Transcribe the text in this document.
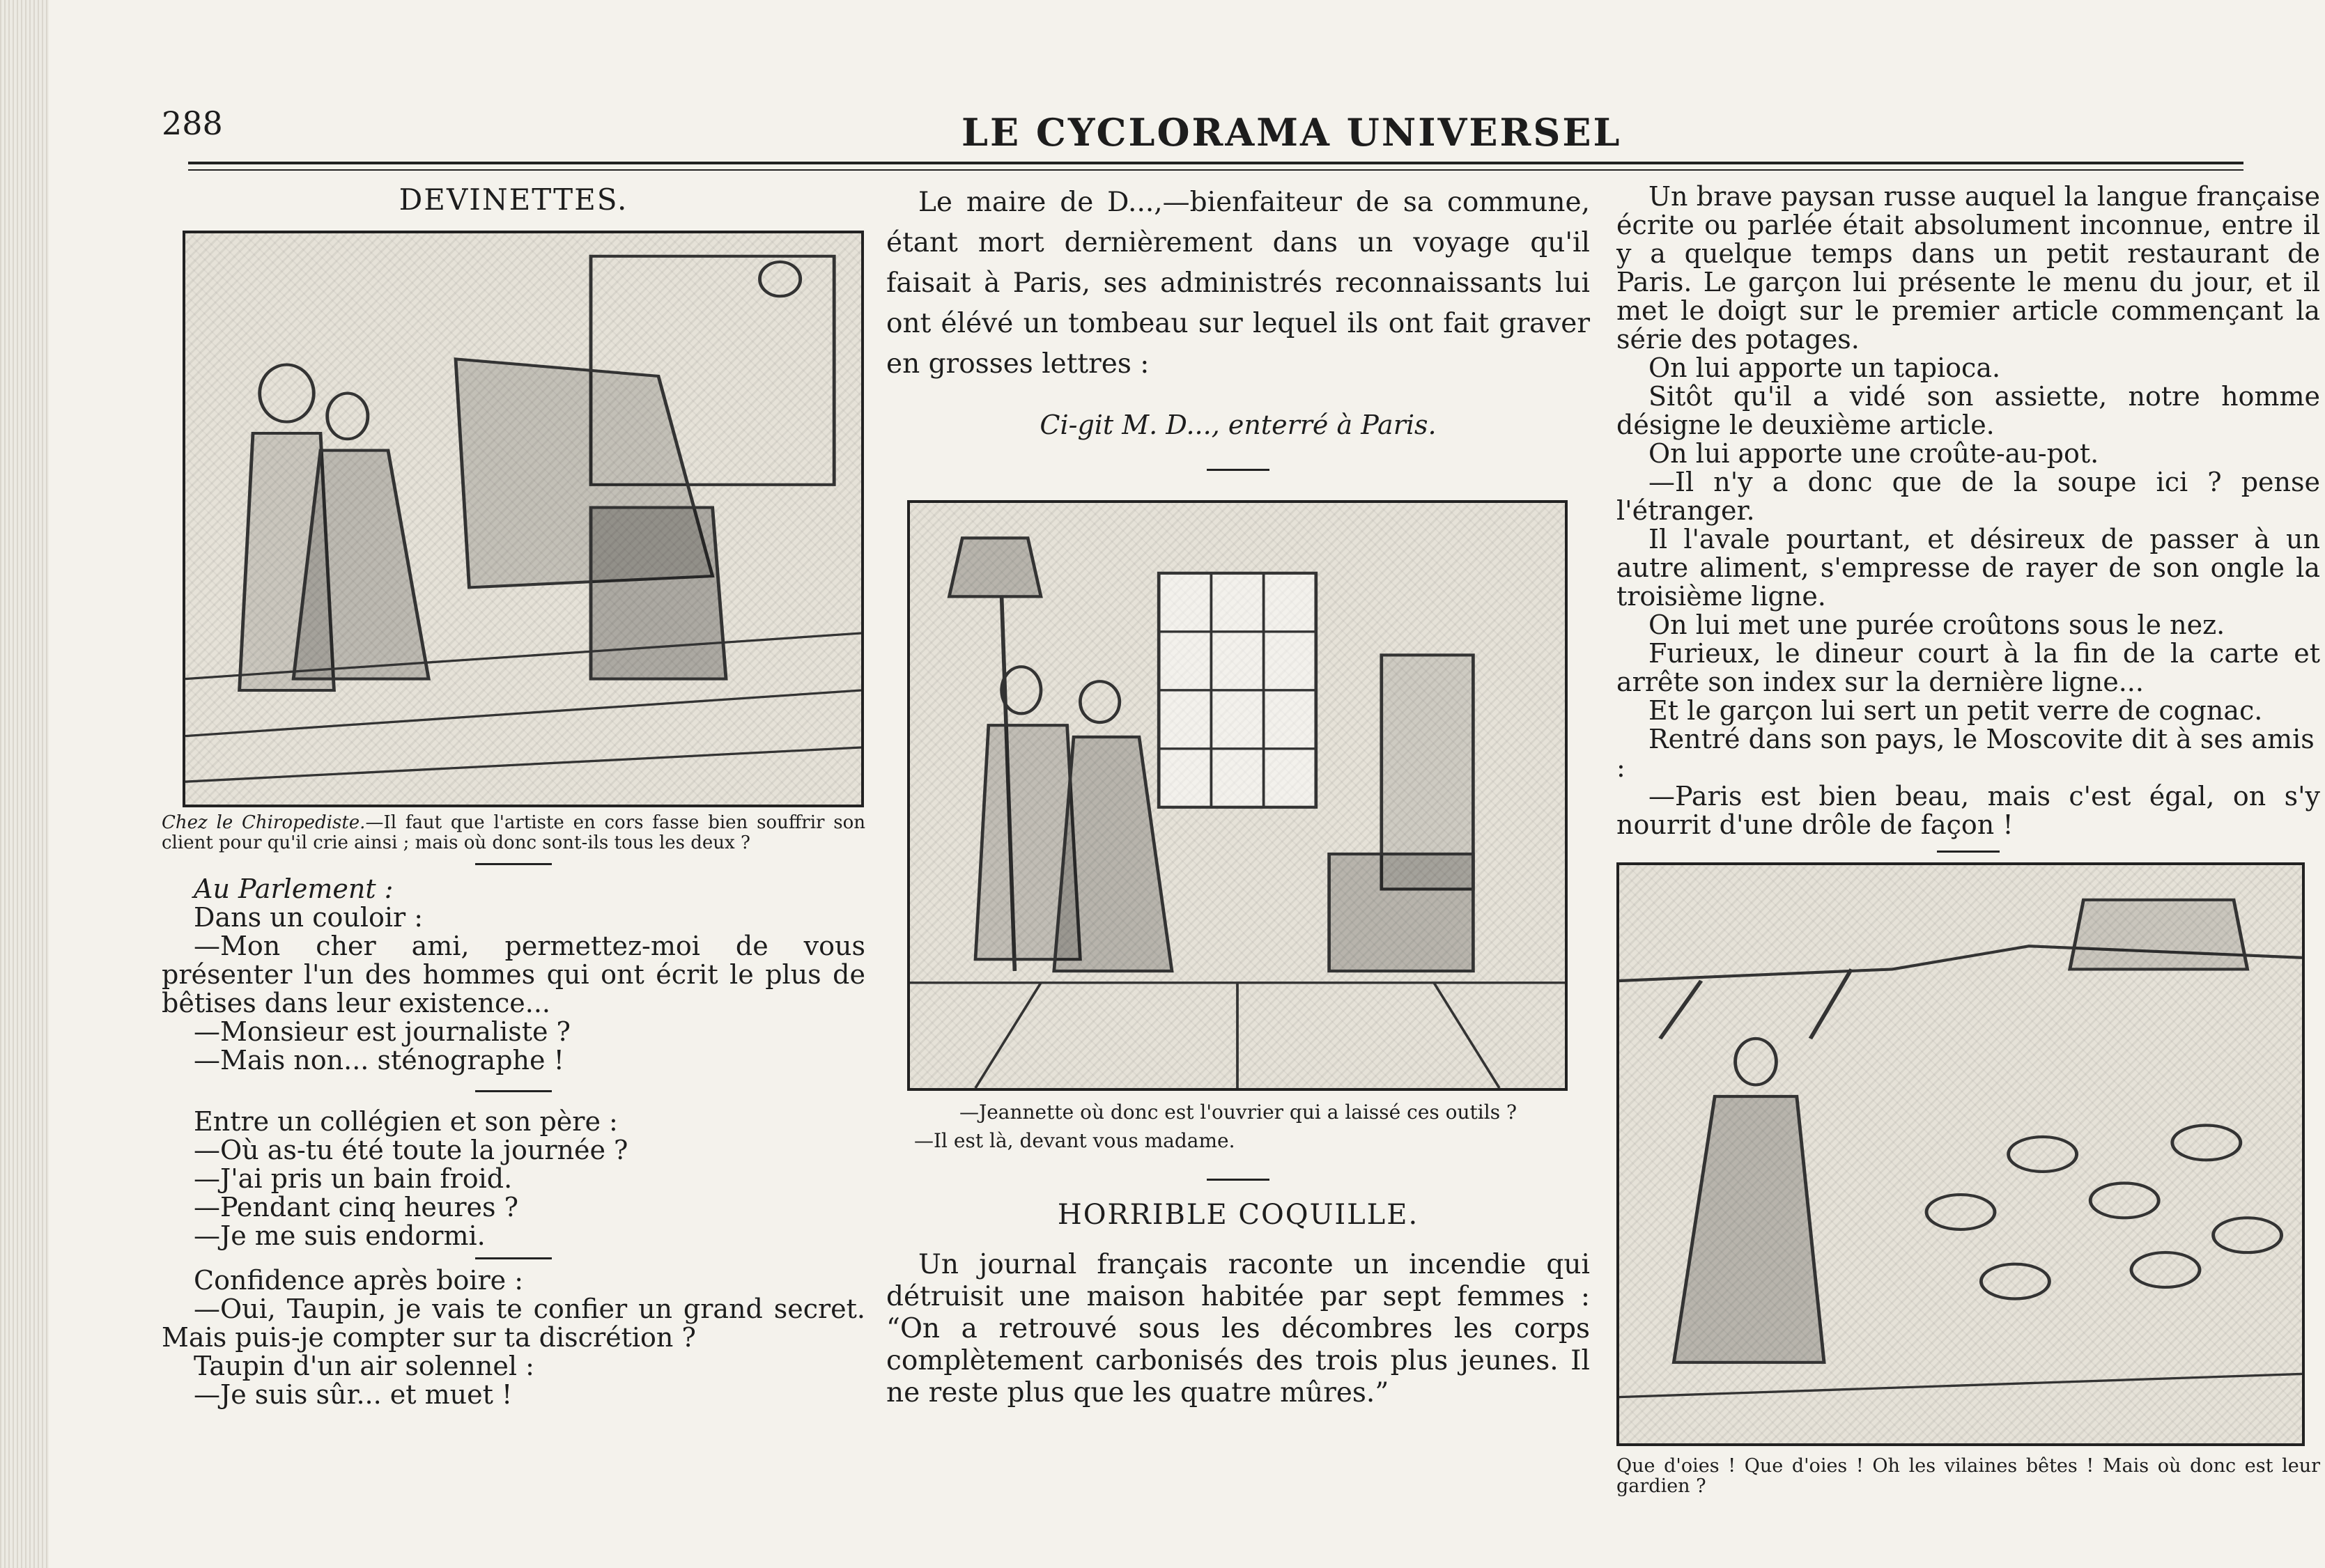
288	LE CYCLORAMA UNIVERSEL
DEVINETTES.

Chez le Chiropediste.—Il faut que l'artiste en cors fasse bien souffrir son client pour qu'il crie ainsi ; mais où donc sont-ils tous les deux ?

Au Parlement :

Dans un couloir :

—Mon cher ami, permettez-moi de vous présenter l'un des hommes qui ont écrit le plus de bêtises dans leur existence...

—Monsieur est journaliste ?

—Mais non... sténographe !

Entre un collégien et son père :

—Où as-tu été toute la journée ?

—J'ai pris un bain froid.

—Pendant cinq heures ?

—Je me suis endormi.

Confidence après boire :

—Oui, Taupin, je vais te confier un grand secret. Mais puis-je compter sur ta discrétion ?

Taupin d'un air solennel :

—Je suis sûr... et muet !

Le maire de D...,—bienfaiteur de sa commune, étant mort dernièrement dans un voyage qu'il faisait à Paris, ses administrés reconnaissants lui ont élévé un tombeau sur lequel ils ont fait graver en grosses lettres :

Ci-git M. D..., enterré à Paris.

—Jeannette où donc est l'ouvrier qui a laissé ces outils ?

—Il est là, devant vous madame.

HORRIBLE COQUILLE.

Un journal français raconte un incendie qui détruisit une maison habitée par sept femmes : “On a retrouvé sous les décombres les corps complètement carbonisés des trois plus jeunes. Il ne reste plus que les quatre mûres.”

Un brave paysan russe auquel la langue française écrite ou parlée était absolument inconnue, entre il y a quelque temps dans un petit restaurant de Paris. Le garçon lui présente le menu du jour, et il met le doigt sur le premier article commençant la série des potages.

On lui apporte un tapioca.

Sitôt qu'il a vidé son assiette, notre homme désigne le deuxième article.

On lui apporte une croûte-au-pot.

—Il n'y a donc que de la soupe ici ? pense l'étranger.

Il l'avale pourtant, et désireux de passer à un autre aliment, s'empresse de rayer de son ongle la troisième ligne.

On lui met une purée croûtons sous le nez.

Furieux, le dineur court à la fin de la carte et arrête son index sur la dernière ligne...

Et le garçon lui sert un petit verre de cognac.

Rentré dans son pays, le Moscovite dit à ses amis :

—Paris est bien beau, mais c'est égal, on s'y nourrit d'une drôle de façon !

Que d'oies ! Que d'oies ! Oh les vilaines bêtes ! Mais où donc est leur gardien ?
